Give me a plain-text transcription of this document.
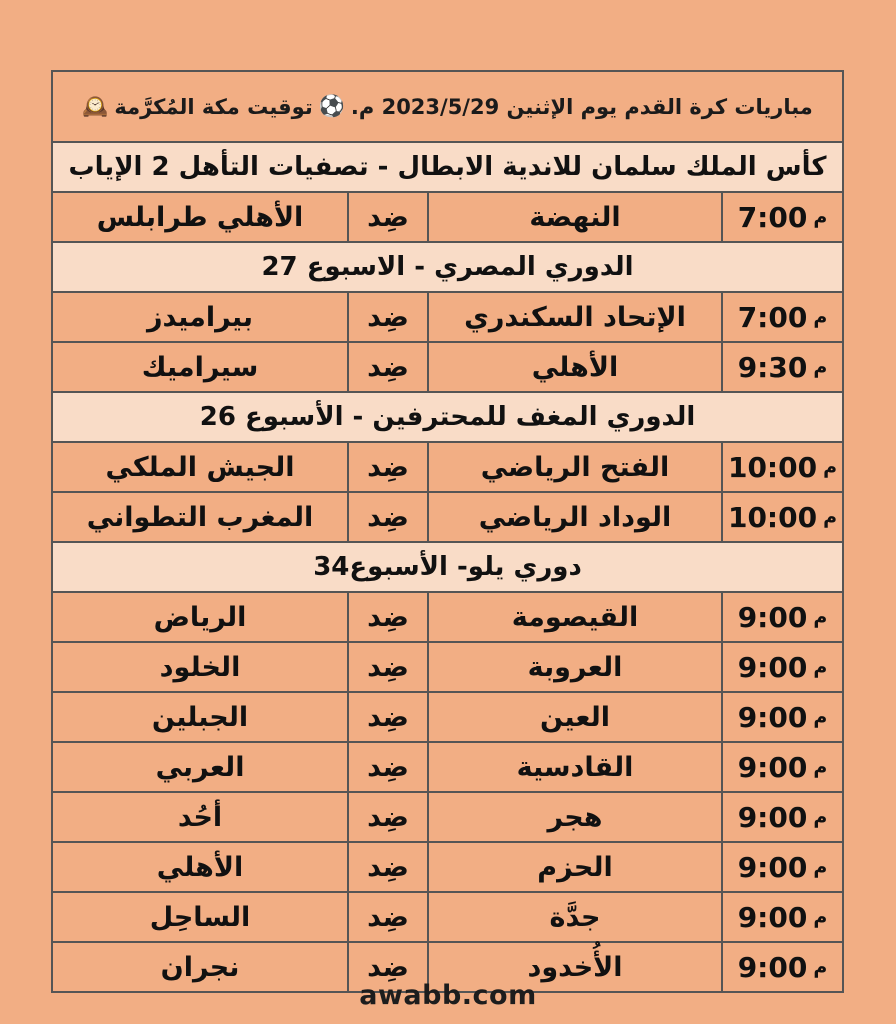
مباريات كرة القدم يوم الإثنين 2023/5/29 م.
⚽
توقيت مكة المُكرَّمة
🕰️
كأس الملك سلمان للاندية الابطال - تصفيات التأهل 2 الإياب
م
7:00
النهضة
ضِد
الأهلي طرابلس
الدوري المصري - الاسبوع 27
م
7:00
الإتحاد السكندري
ضِد
بيراميدز
م
9:30
الأهلي
ضِد
سيراميك
الدوري المغف للمحترفين - الأسبوع 26
م
10:00
الفتح الرياضي
ضِد
الجيش الملكي
م
10:00
الوداد الرياضي
ضِد
المغرب التطواني
دوري يلو- الأسبوع34
م
9:00
القيصومة
ضِد
الرياض
م
9:00
العروبة
ضِد
الخلود
م
9:00
العين
ضِد
الجبلين
م
9:00
القادسية
ضِد
العربي
م
9:00
هجر
ضِد
أحُد
م
9:00
الحزم
ضِد
الأهلي
م
9:00
جدَّة
ضِد
الساحِل
م
9:00
الأُخدود
ضِد
نجران
awabb.com
